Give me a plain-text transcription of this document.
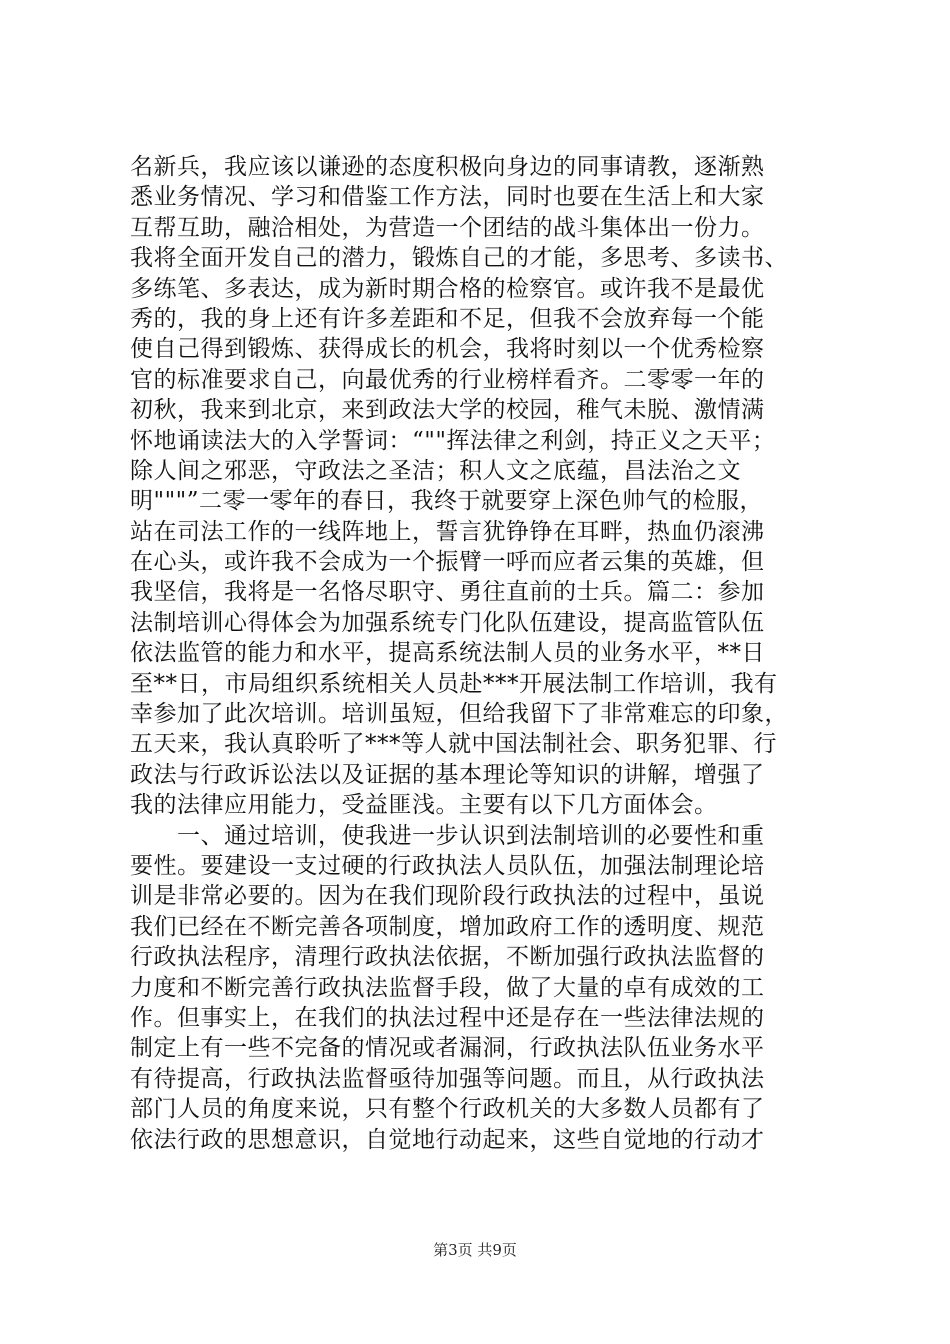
名新兵，我应该以谦逊的态度积极向身边的同事请教，逐渐熟
悉业务情况、学习和借鉴工作方法，同时也要在生活上和大家
互帮互助，融洽相处，为营造一个团结的战斗集体出一份力。
我将全面开发自己的潜力，锻炼自己的才能，多思考、多读书、
多练笔、多表达，成为新时期合格的检察官。或许我不是最优
秀的，我的身上还有许多差距和不足，但我不会放弃每一个能
使自己得到锻炼、获得成长的机会，我将时刻以一个优秀检察
官的标准要求自己，向最优秀的行业榜样看齐。二零零一年的
初秋，我来到北京，来到政法大学的校园，稚气未脱、激情满
怀地诵读法大的入学誓词：“""挥法律之利剑，持正义之天平；
除人间之邪恶，守政法之圣洁；积人文之底蕴，昌法治之文
明"""”二零一零年的春日，我终于就要穿上深色帅气的检服，
站在司法工作的一线阵地上，誓言犹铮铮在耳畔，热血仍滚沸
在心头，或许我不会成为一个振臂一呼而应者云集的英雄，但
我坚信，我将是一名恪尽职守、勇往直前的士兵。篇二：参加
法制培训心得体会为加强系统专门化队伍建设，提高监管队伍
依法监管的能力和水平，提高系统法制人员的业务水平，**日
至**日，市局组织系统相关人员赴***开展法制工作培训，我有
幸参加了此次培训。培训虽短，但给我留下了非常难忘的印象，
五天来，我认真聆听了***等人就中国法制社会、职务犯罪、行
政法与行政诉讼法以及证据的基本理论等知识的讲解，增强了
我的法律应用能力，受益匪浅。主要有以下几方面体会。
　　一、通过培训，使我进一步认识到法制培训的必要性和重
要性。要建设一支过硬的行政执法人员队伍，加强法制理论培
训是非常必要的。因为在我们现阶段行政执法的过程中，虽说
我们已经在不断完善各项制度，增加政府工作的透明度、规范
行政执法程序，清理行政执法依据，不断加强行政执法监督的
力度和不断完善行政执法监督手段，做了大量的卓有成效的工
作。但事实上，在我们的执法过程中还是存在一些法律法规的
制定上有一些不完备的情况或者漏洞，行政执法队伍业务水平
有待提高，行政执法监督亟待加强等问题。而且，从行政执法
部门人员的角度来说，只有整个行政机关的大多数人员都有了
依法行政的思想意识，自觉地行动起来，这些自觉地的行动才
第3页 共9页
